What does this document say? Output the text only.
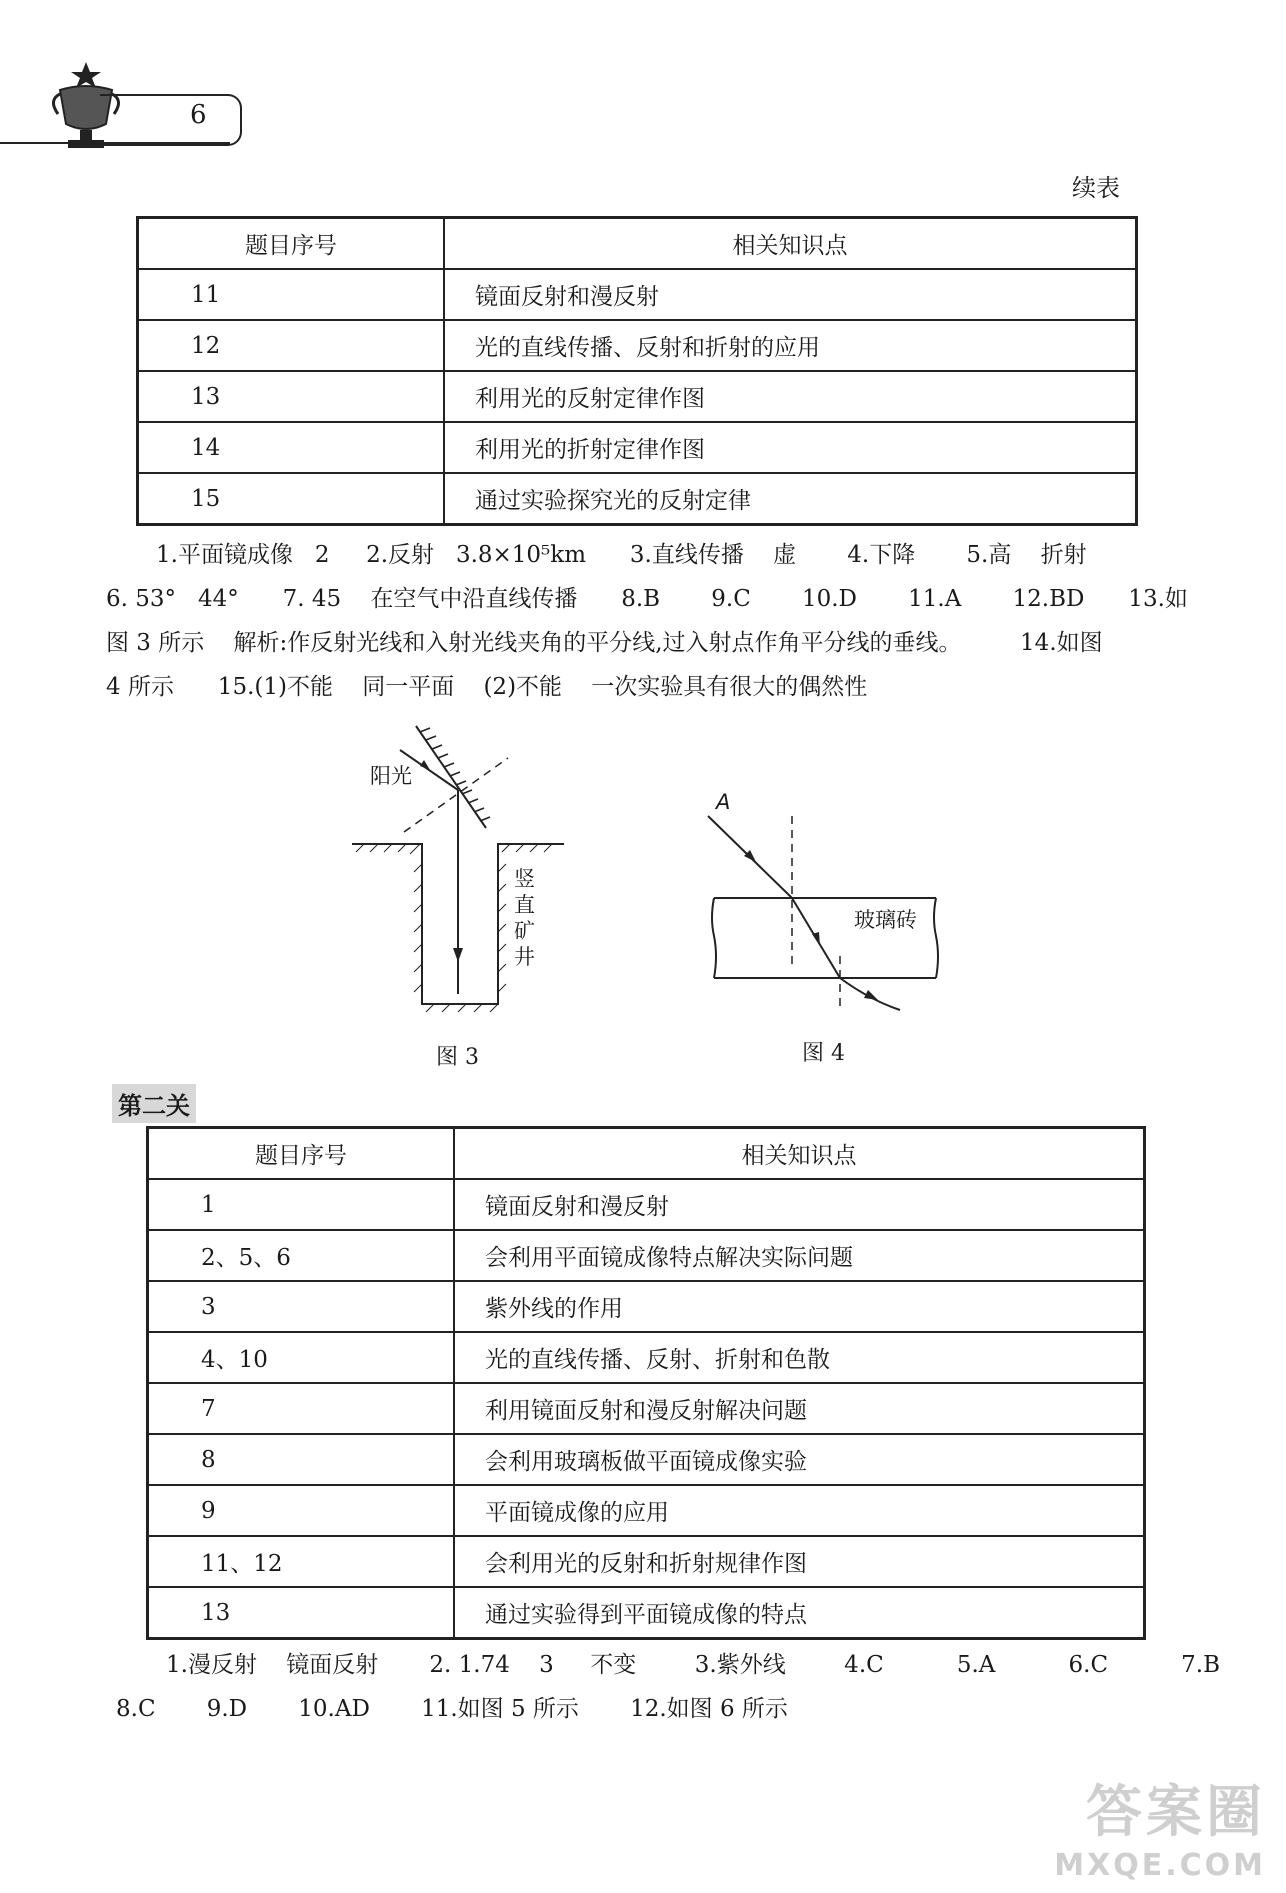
6
续表
题目序号	相关知识点
11	镜面反射和漫反射
12	光的直线传播、反射和折射的应用
13	利用光的反射定律作图
14	利用光的折射定律作图
15	通过实验探究光的反射定律
1.平面镜成像   2     2.反射   3.8×10⁵km      3.直线传播    虚       4.下降       5.高    折射
6. 53°   44°      7. 45    在空气中沿直线传播      8.B       9.C       10.D       11.A       12.BD      13.如
图 3 所示    解析:作反射光线和入射光线夹角的平分线,过入射点作角平分线的垂线。        14.如图
4 所示      15.(1)不能    同一平面    (2)不能    一次实验具有很大的偶然性
阳光
竖直矿井
图 3
A
玻璃砖
图 4
第二关
题目序号	相关知识点
1	镜面反射和漫反射
2、5、6	会利用平面镜成像特点解决实际问题
3	紫外线的作用
4、10	光的直线传播、反射、折射和色散
7	利用镜面反射和漫反射解决问题
8	会利用玻璃板做平面镜成像实验
9	平面镜成像的应用
11、12	会利用光的反射和折射规律作图
13	通过实验得到平面镜成像的特点
1.漫反射    镜面反射       2. 1.74    3     不变        3.紫外线        4.C          5.A          6.C          7.B
8.C       9.D       10.AD       11.如图 5 所示       12.如图 6 所示
答案圈
MXQE.COM
